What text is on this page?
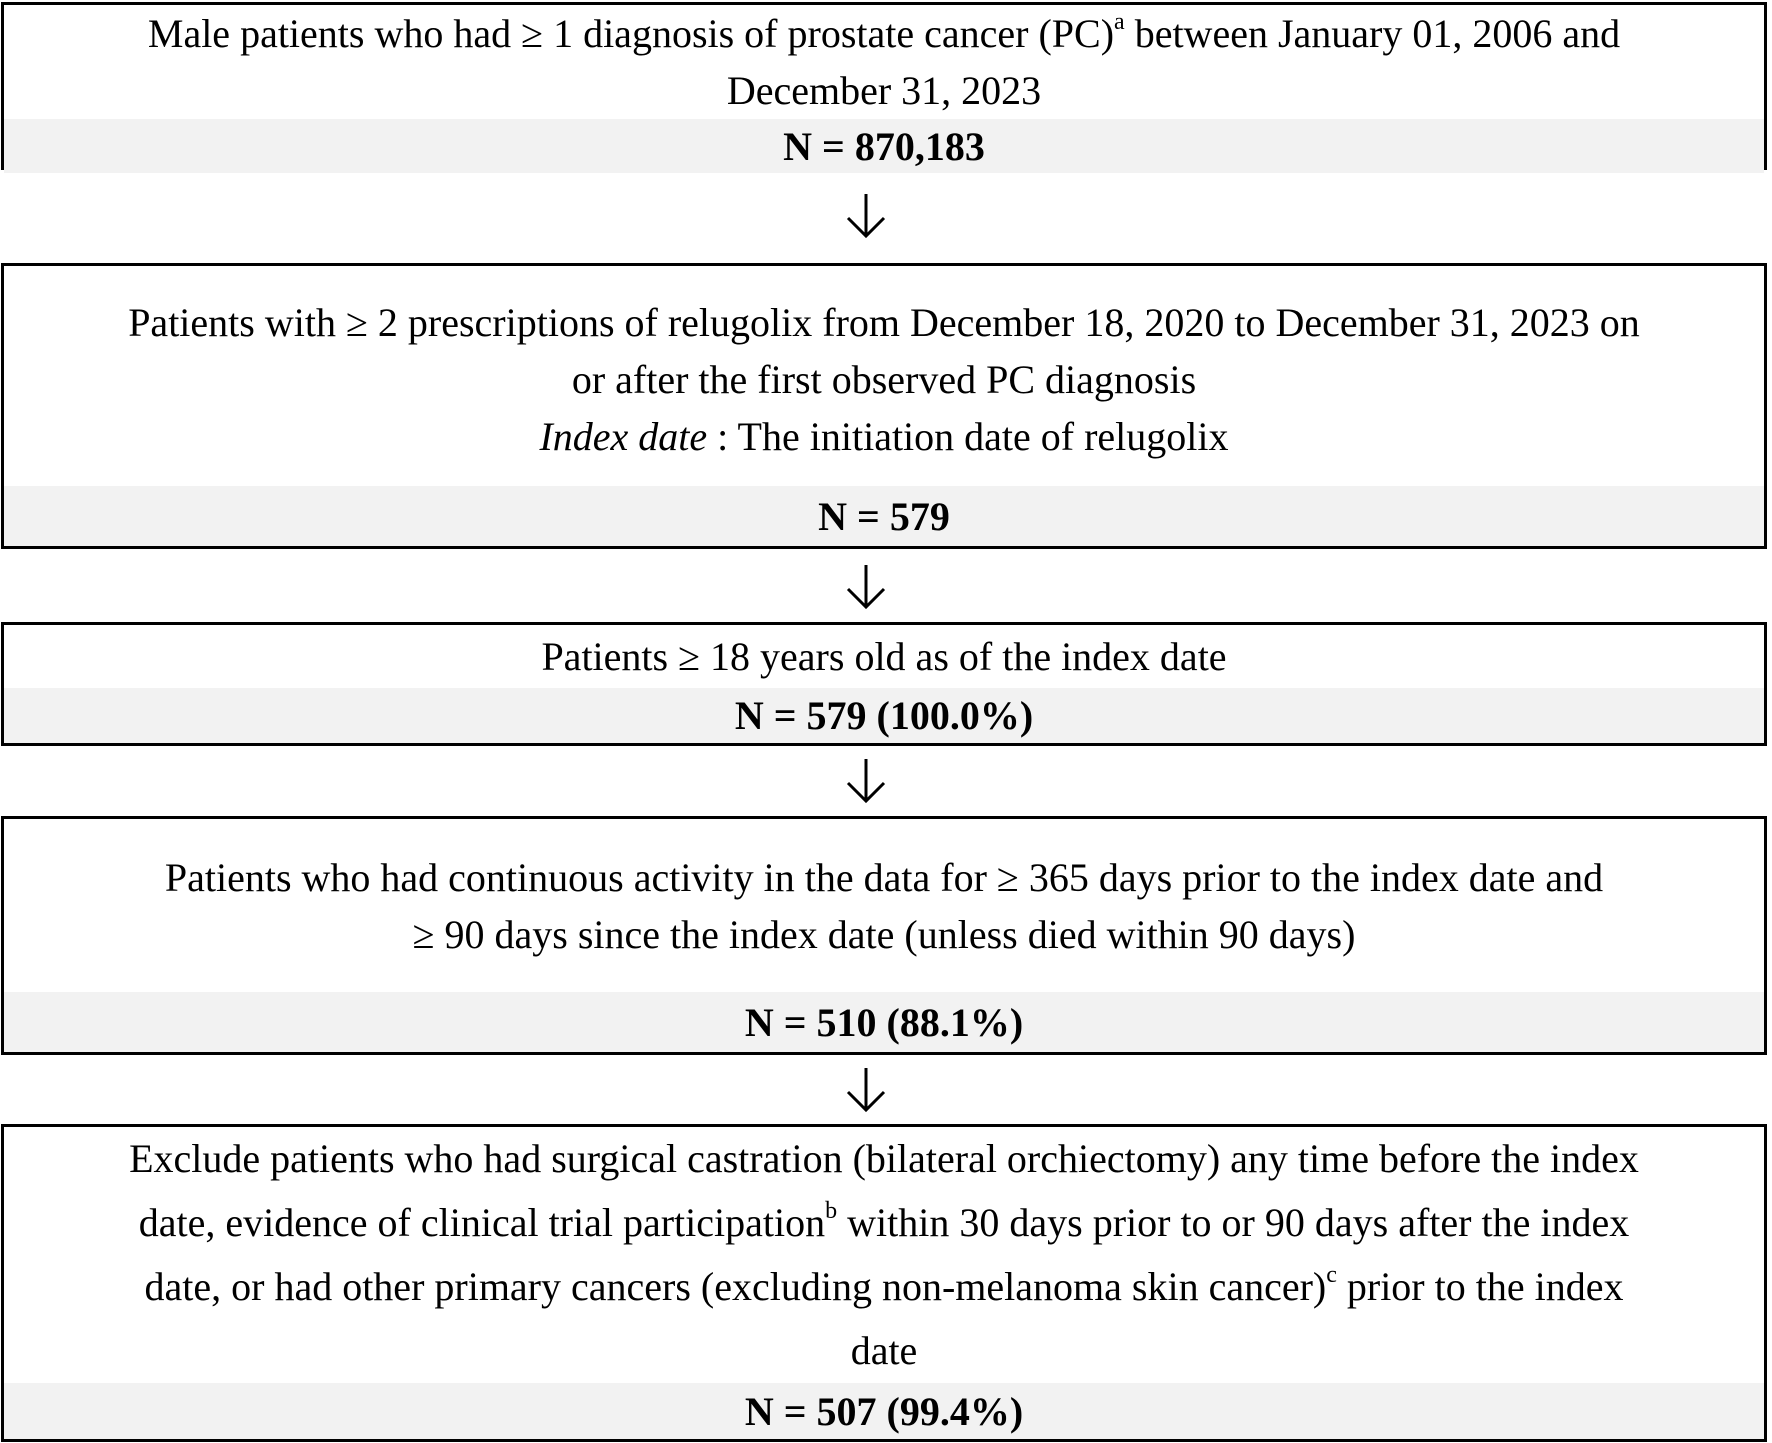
Male patients who had ≥ 1 diagnosis of prostate cancer (PC)$^a$ between January 01, 2006 and
December 31, 2023
N = 870,183
Patients with ≥ 2 prescriptions of relugolix from December 18, 2020 to December 31, 2023 on
or after the first observed PC diagnosis
Index date : The initiation date of relugolix
N = 579
Patients ≥ 18 years old as of the index date
N = 579 (100.0%)
Patients who had continuous activity in the data for ≥ 365 days prior to the index date and
≥ 90 days since the index date (unless died within 90 days)
N = 510 (88.1%)
Exclude patients who had surgical castration (bilateral orchiectomy) any time before the index
date, evidence of clinical trial participation$^b$ within 30 days prior to or 90 days after the index
date, or had other primary cancers (excluding non-melanoma skin cancer)$^c$ prior to the index
date
N = 507 (99.4%)
